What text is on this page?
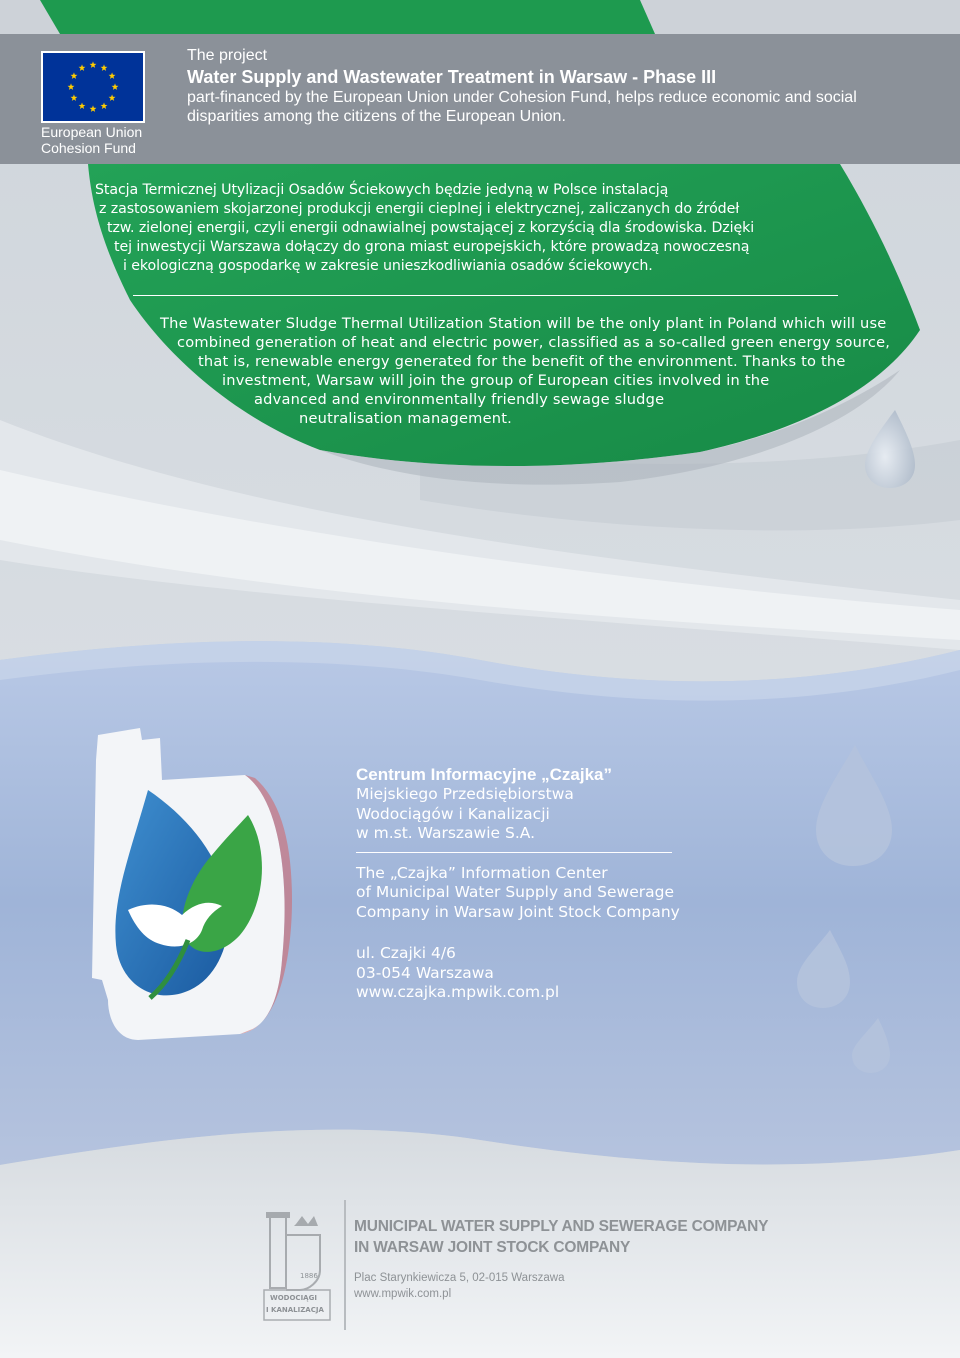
European Union
Cohesion Fund
The project
Water Supply and Wastewater Treatment in Warsaw - Phase III
part-financed by the European Union under Cohesion Fund, helps reduce economic and social
disparities among the citizens of the European Union.
Stacja Termicznej Utylizacji Osadów Ściekowych będzie jedyną w Polsce instalacją
z zastosowaniem skojarzonej produkcji energii cieplnej i elektrycznej, zaliczanych do źródeł
tzw. zielonej energii, czyli energii odnawialnej powstającej z korzyścią dla środowiska. Dzięki
tej inwestycji Warszawa dołączy do grona miast europejskich, które prowadzą nowoczesną
i ekologiczną gospodarkę w zakresie unieszkodliwiania osadów ściekowych.
The Wastewater Sludge Thermal Utilization Station will be the only plant in Poland which will use
combined generation of heat and electric power, classified as a so-called green energy source,
that is, renewable energy generated for the benefit of the environment. Thanks to the
investment, Warsaw will join the group of European cities involved in the
advanced and environmentally friendly sewage sludge
neutralisation management.
Centrum Informacyjne „Czajka”
Miejskiego Przedsiębiorstwa
Wodociągów i Kanalizacji
w m.st. Warszawie S.A.
The „Czajka” Information Center
of Municipal Water Supply and Sewerage
Company in Warsaw Joint Stock Company
ul. Czajki 4/6
03-054 Warszawa
www.czajka.mpwik.com.pl
1886
WODOCIĄGI
I KANALIZACJA
MUNICIPAL WATER SUPPLY AND SEWERAGE COMPANY
IN WARSAW JOINT STOCK COMPANY
Plac Starynkiewicza 5, 02-015 Warszawa
www.mpwik.com.pl
